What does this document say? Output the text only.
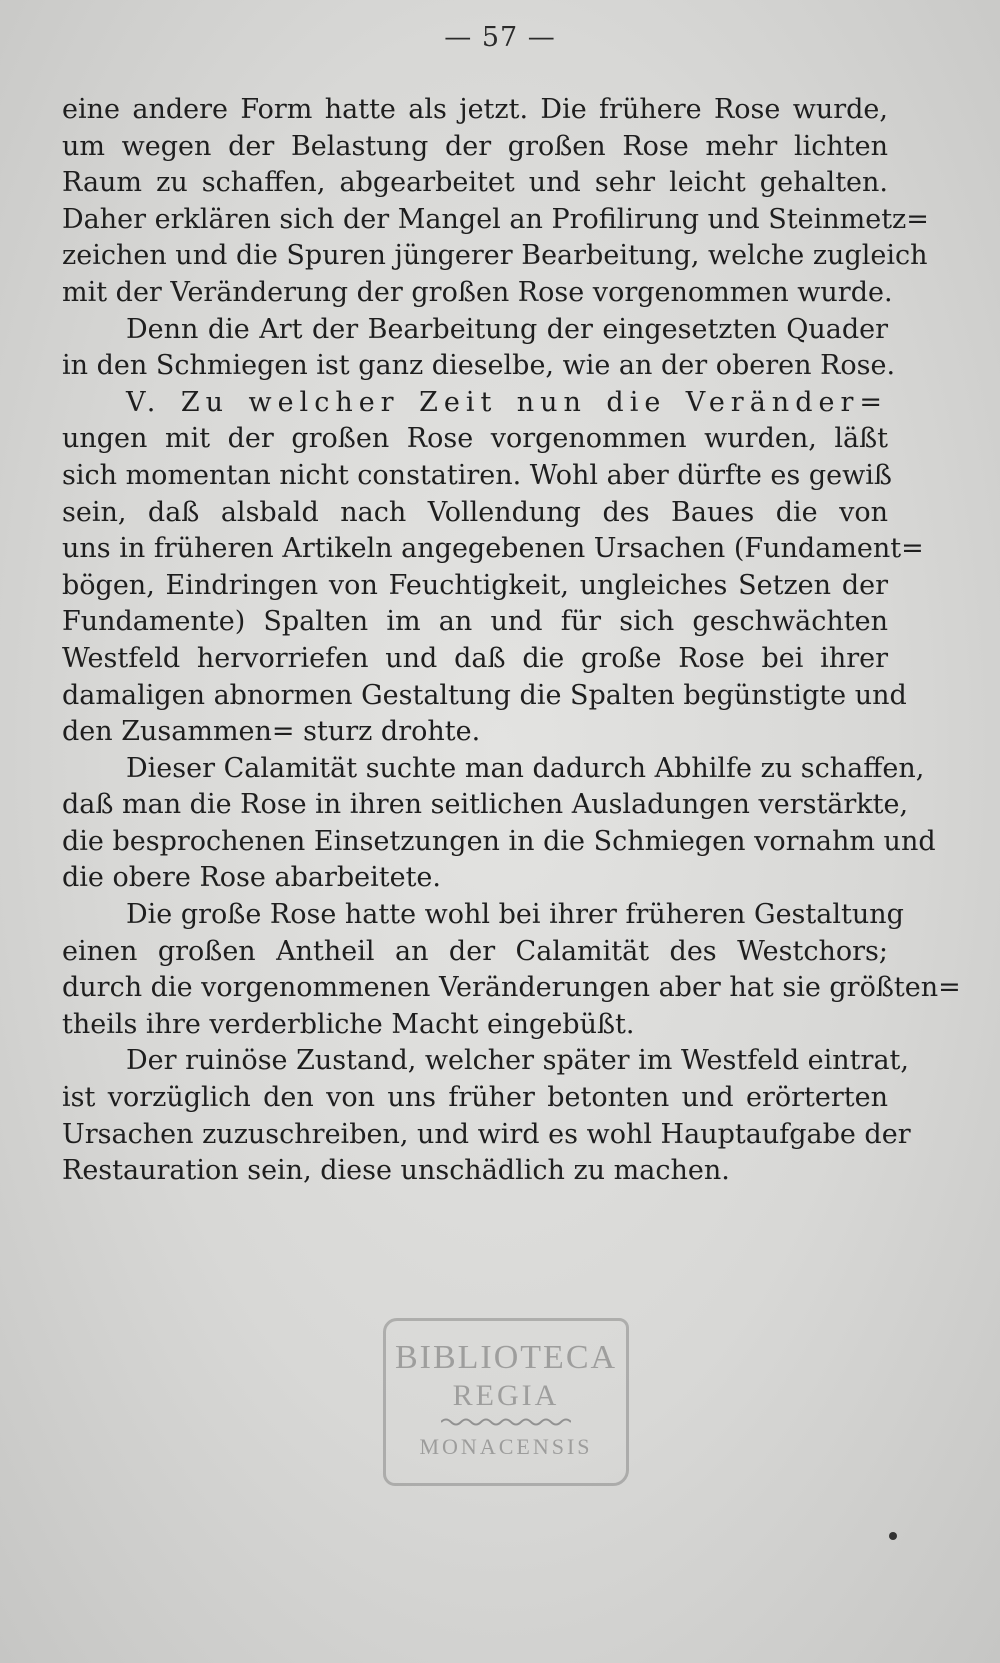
— 57 —
eine andere Form hatte als jetzt. Die frühere Rose wurde,
um wegen der Belastung der großen Rose mehr lichten
Raum zu schaffen, abgearbeitet und sehr leicht gehalten.
Daher erklären sich der Mangel an Profilirung und Steinmetz=
zeichen und die Spuren jüngerer Bearbeitung, welche zugleich
mit der Veränderung der großen Rose vorgenommen wurde.
Denn die Art der Bearbeitung der eingesetzten Quader
in den Schmiegen ist ganz dieselbe, wie an der oberen Rose.
V. Zu welcher Zeit nun die Veränder=
ungen mit der großen Rose vorgenommen wurden, läßt
sich momentan nicht constatiren. Wohl aber dürfte es gewiß
sein, daß alsbald nach Vollendung des Baues die von
uns in früheren Artikeln angegebenen Ursachen (Fundament=
bögen, Eindringen von Feuchtigkeit, ungleiches Setzen der
Fundamente) Spalten im an und für sich geschwächten
Westfeld hervorriefen und daß die große Rose bei ihrer
damaligen abnormen Gestaltung die Spalten begünstigte und
den Zusammen= sturz drohte.
Dieser Calamität suchte man dadurch Abhilfe zu schaffen,
daß man die Rose in ihren seitlichen Ausladungen verstärkte,
die besprochenen Einsetzungen in die Schmiegen vornahm und
die obere Rose abarbeitete.
Die große Rose hatte wohl bei ihrer früheren Gestaltung
einen großen Antheil an der Calamität des Westchors;
durch die vorgenommenen Veränderungen aber hat sie größten=
theils ihre verderbliche Macht eingebüßt.
Der ruinöse Zustand, welcher später im Westfeld eintrat,
ist vorzüglich den von uns früher betonten und erörterten
Ursachen zuzuschreiben, und wird es wohl Hauptaufgabe der
Restauration sein, diese unschädlich zu machen.
BIBLIOTECA
REGIA
MONACENSIS
